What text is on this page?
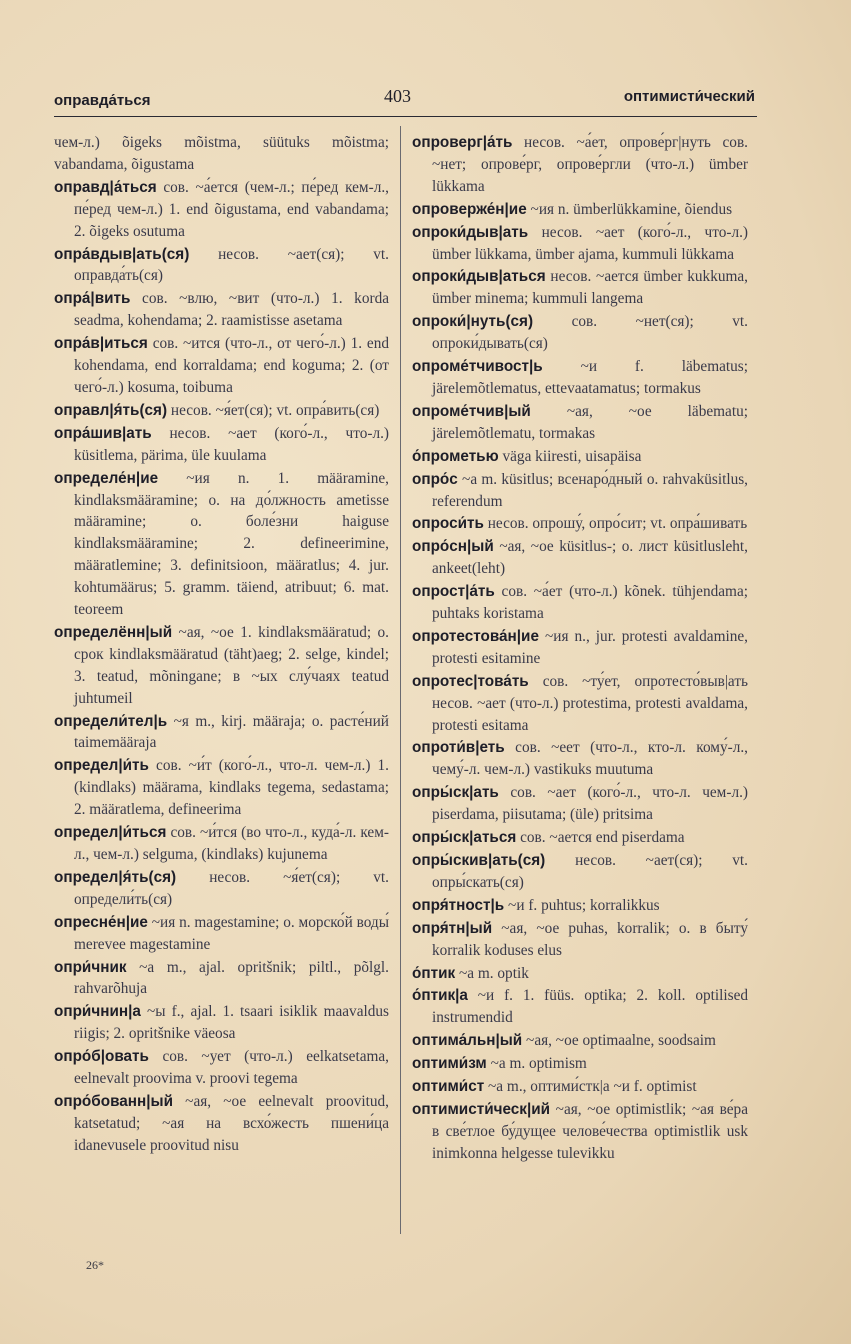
оправда́ться	403	оптимисти́ческий

чем-л.) õigeks mõistma, süütuks mõistma; vabandama, õigustama

оправд|а́ться сов. ~а́ется (чем-л.; пе́ред кем-л., пе́ред чем-л.) 1. end õigustama, end vabandama; 2. õigeks osutuma

опра́вдыв|ать(ся) несов. ~ает(ся); vt. оправда́ть(ся)

опра́|вить сов. ~влю, ~вит (что-л.) 1. korda seadma, kohendama; 2. raamistisse asetama

опра́в|иться сов. ~ится (что-л., от чего́-л.) 1. end kohendama, end korraldama; end koguma; 2. (от чего́-л.) kosuma, toibuma

оправл|я́ть(ся) несов. ~я́ет(ся); vt. опра́вить(ся)

опра́шив|ать несов. ~ает (кого́-л., что-л.) küsitlema, pärima, üle kuulama

определе́н|ие ~ия n. 1. määramine, kindlaksmääramine; о. на до́лжность ametisse määramine; о. боле́зни haiguse kindlaksmääramine; 2. defineerimine, määratlemine; 3. definitsioon, määratlus; 4. jur. kohtumäärus; 5. gramm. täiend, atribuut; 6. mat. teoreem

определённ|ый ~ая, ~ое 1. kindlaksmääratud; о. срок kindlaksmääratud (täht)aeg; 2. selge, kindel; 3. teatud, mõningane; в ~ых слу́чаях teatud juhtumeil

определи́тел|ь ~я m., kirj. määraja; о. расте́ний taimemääraja

определ|и́ть сов. ~и́т (кого́-л., что-л. чем-л.) 1. (kindlaks) määrama, kindlaks tegema, sedastama; 2. määratlema, defineerima

определ|и́ться сов. ~и́тся (во что-л., куда́-л. кем-л., чем-л.) selguma, (kindlaks) kujunema

определ|я́ть(ся) несов. ~я́ет(ся); vt. определи́ть(ся)

опресне́н|ие ~ия n. magestamine; о. морско́й воды́ merevee magestamine

опри́чник ~а m., ajal. opritšnik; piltl., põlgl. rahvarõhuja

опри́чнин|а ~ы f., ajal. 1. tsaari isiklik maavaldus riigis; 2. opritšnike väeosa

опро́б|овать сов. ~ует (что-л.) eelkatsetama, eelnevalt proovima v. proovi tegema

опро́бованн|ый ~ая, ~ое eelnevalt proovitud, katsetatud; ~ая на всхо́жесть пшени́ца idanevusele proovitud nisu

опроверг|а́ть несов. ~а́ет, опрове́рг|нуть сов. ~нет; опрове́рг, опрове́ргли (что-л.) ümber lükkama

опроверже́н|ие ~ия n. ümberlükkamine, õiendus

опроки́дыв|ать несов. ~ает (кого́-л., что-л.) ümber lükkama, ümber ajama, kummuli lükkama

опроки́дыв|аться несов. ~ается ümber kukkuma, ümber minema; kummuli langema

опроки́|нуть(ся)	сов. ~нет(ся); vt. опроки́дывать(ся)

опроме́тчивост|ь ~и f. läbematus; järelemõtlematus, ettevaatamatus; tormakus

опроме́тчив|ый ~ая, ~ое läbematu; järelemõtlematu, tormakas

о́прометью väga kiiresti, uisapäisa

опро́с ~а m. küsitlus; всенаро́дный о. rahvaküsitlus, referendum

опроси́ть несов. опрошу́, опро́сит; vt. опра́шивать

опро́сн|ый ~ая, ~ое küsitlus-; о. лист küsitlusleht, ankeet(leht)

опрост|а́ть сов. ~а́ет (что-л.) kõnek. tühjendama; puhtaks koristama

опротестова́н|ие ~ия n., jur. protesti avaldamine, protesti esitamine

опротес|това́ть сов. ~ту́ет, опротесто́выв|ать несов. ~ает (что-л.) protestima, protesti avaldama, protesti esitama

опроти́в|еть сов. ~еет (что-л., кто-л. кому́-л., чему́-л. чем-л.) vastikuks muutuma

опры́ск|ать сов. ~ает (кого́-л., что-л. чем-л.) piserdama, piisutama; (üle) pritsima

опры́ск|аться сов. ~ается end piserdama

опры́скив|ать(ся) несов. ~ает(ся); vt. опры́скать(ся)

опря́тност|ь ~и f. puhtus; korralikkus

опря́тн|ый ~ая, ~ое puhas, korralik; о. в быту́ korralik koduses elus

о́птик ~а m. optik

о́птик|а ~и f. 1. füüs. optika; 2. koll. optilised instrumendid

оптима́льн|ый ~ая, ~ое optimaalne, soodsaim

оптими́зм ~а m. optimism

оптими́ст ~а m., оптими́стк|а ~и f. optimist

оптимисти́ческ|ий ~ая, ~ое optimistlik; ~ая ве́ра в све́тлое бу́дущее челове́чества optimistlik usk inimkonna helgesse tulevikku

26*
